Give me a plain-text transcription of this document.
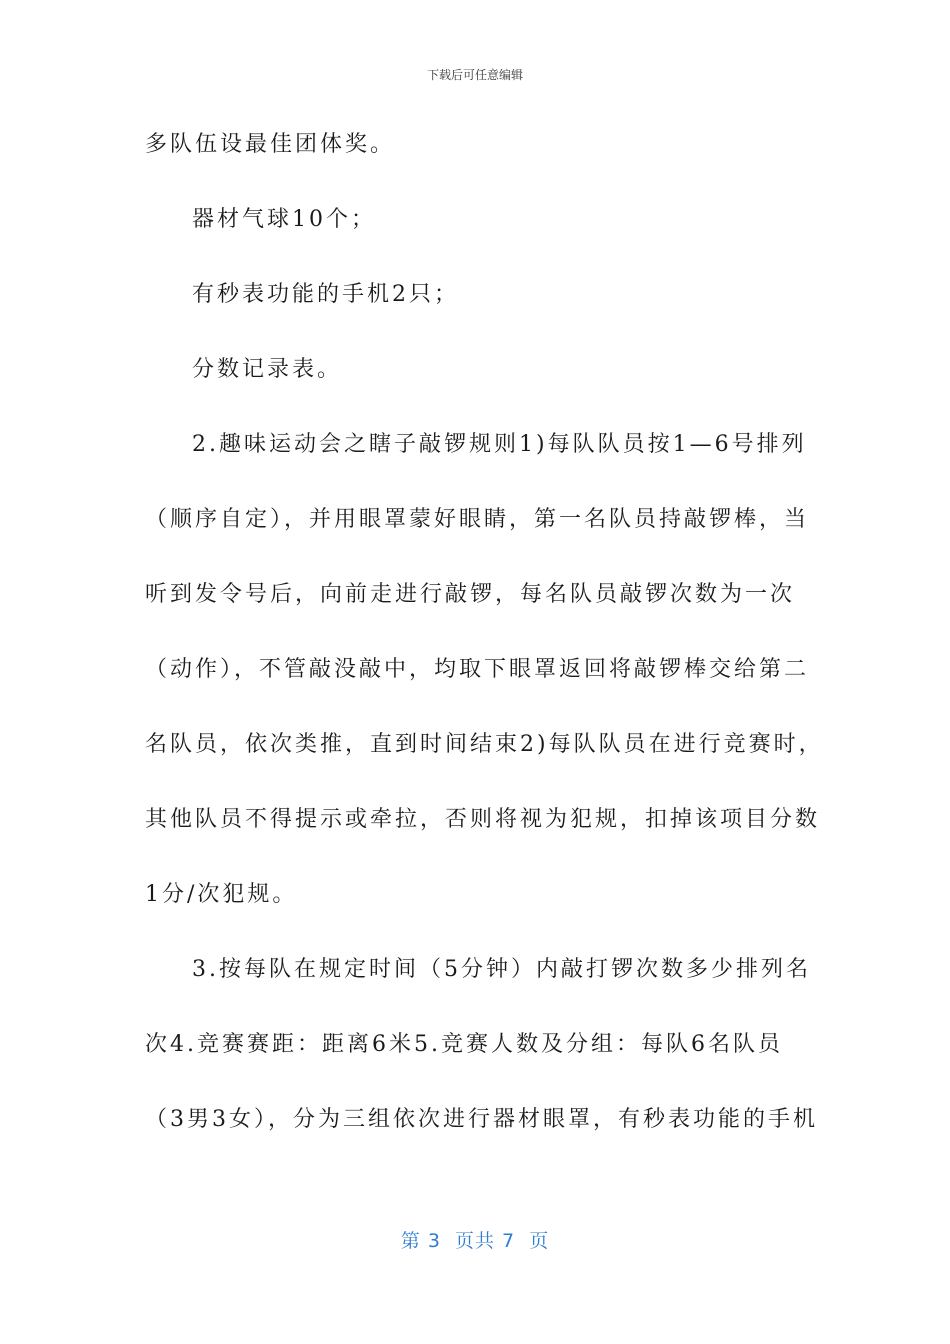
下载后可任意编辑
多队伍设最佳团体奖。
器材气球10个；
有秒表功能的手机2只；
分数记录表。
2.趣味运动会之瞎子敲锣规则1)每队队员按1—6号排列
（顺序自定），并用眼罩蒙好眼睛，第一名队员持敲锣棒，当
听到发令号后，向前走进行敲锣，每名队员敲锣次数为一次
（动作），不管敲没敲中，均取下眼罩返回将敲锣棒交给第二
名队员，依次类推，直到时间结束2)每队队员在进行竞赛时，
其他队员不得提示或牵拉，否则将视为犯规，扣掉该项目分数
1分/次犯规。
3.按每队在规定时间（5分钟）内敲打锣次数多少排列名
次4.竞赛赛距：距离6米5.竞赛人数及分组：每队6名队员
（3男3女），分为三组依次进行器材眼罩，有秒表功能的手机
第 3  页共 7  页
